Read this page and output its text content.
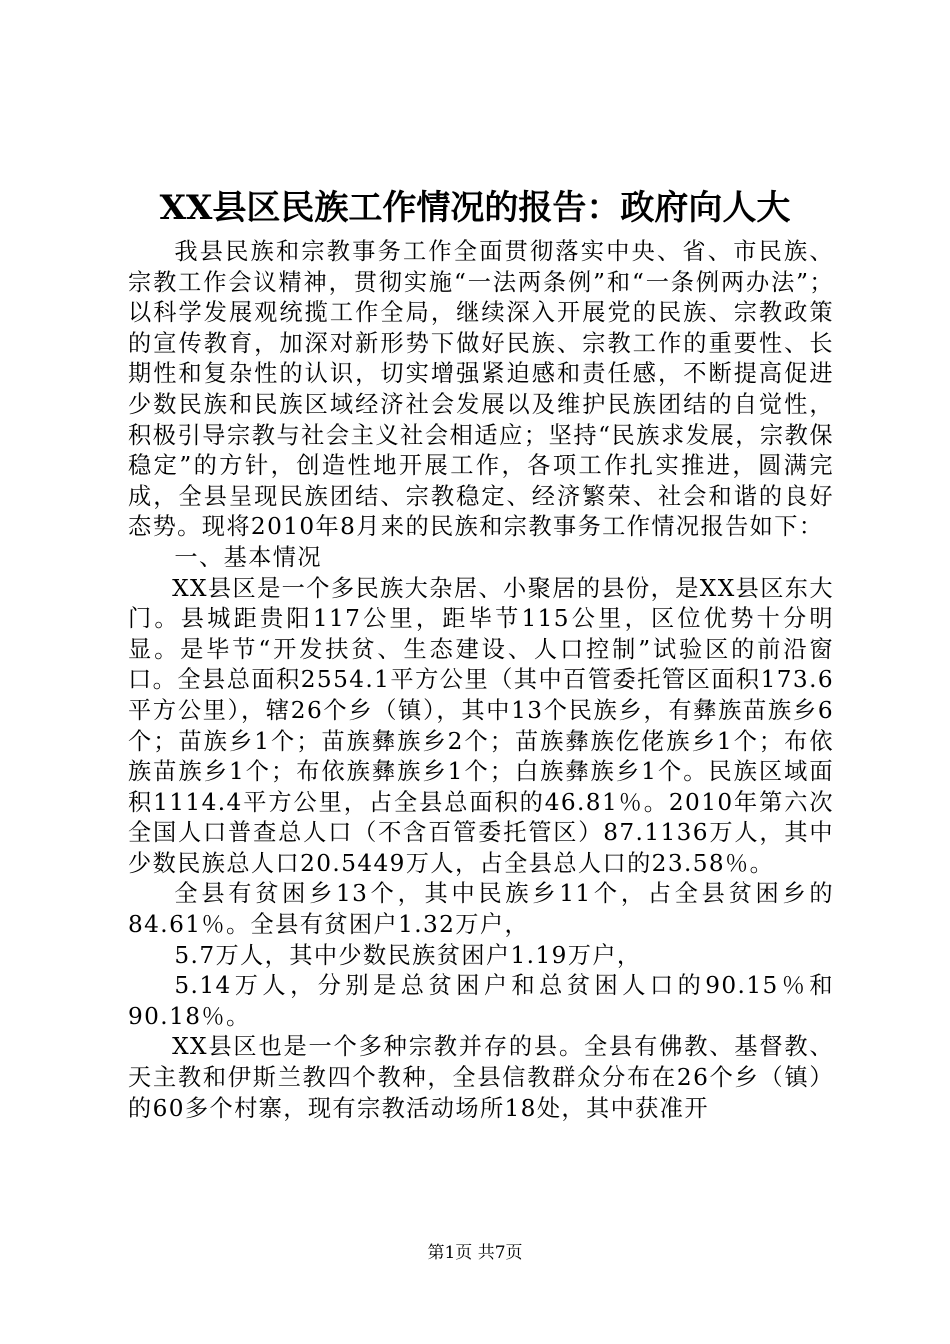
XX县区民族工作情况的报告：政府向人大

我县民族和宗教事务工作全面贯彻落实中央、省、市民族、宗教工作会议精神，贯彻实施“一法两条例”和“一条例两办法”；以科学发展观统揽工作全局，继续深入开展党的民族、宗教政策的宣传教育，加深对新形势下做好民族、宗教工作的重要性、长期性和复杂性的认识，切实增强紧迫感和责任感，不断提高促进少数民族和民族区域经济社会发展以及维护民族团结的自觉性，积极引导宗教与社会主义社会相适应；坚持“民族求发展，宗教保稳定”的方针，创造性地开展工作，各项工作扎实推进，圆满完成，全县呈现民族团结、宗教稳定、经济繁荣、社会和谐的良好态势。现将2010年8月来的民族和宗教事务工作情况报告如下：

一、基本情况

XX县区是一个多民族大杂居、小聚居的县份，是XX县区东大门。县城距贵阳117公里，距毕节115公里，区位优势十分明显。是毕节“开发扶贫、生态建设、人口控制”试验区的前沿窗口。全县总面积2554.1平方公里（其中百管委托管区面积173.6平方公里），辖26个乡（镇），其中13个民族乡，有彝族苗族乡6个；苗族乡1个；苗族彝族乡2个；苗族彝族仡佬族乡1个；布依族苗族乡1个；布依族彝族乡1个；白族彝族乡1个。民族区域面积1114.4平方公里，占全县总面积的46.81％。2010年第六次全国人口普查总人口（不含百管委托管区）87.1136万人，其中少数民族总人口20.5449万人，占全县总人口的23.58％。

全县有贫困乡13个，其中民族乡11个，占全县贫困乡的84.61％。全县有贫困户1.32万户，

5.7万人，其中少数民族贫困户1.19万户，

5.14万人，分别是总贫困户和总贫困人口的90.15％和90.18％。

XX县区也是一个多种宗教并存的县。全县有佛教、基督教、天主教和伊斯兰教四个教种，全县信教群众分布在26个乡（镇）的60多个村寨，现有宗教活动场所18处，其中获准开

第1页 共7页
